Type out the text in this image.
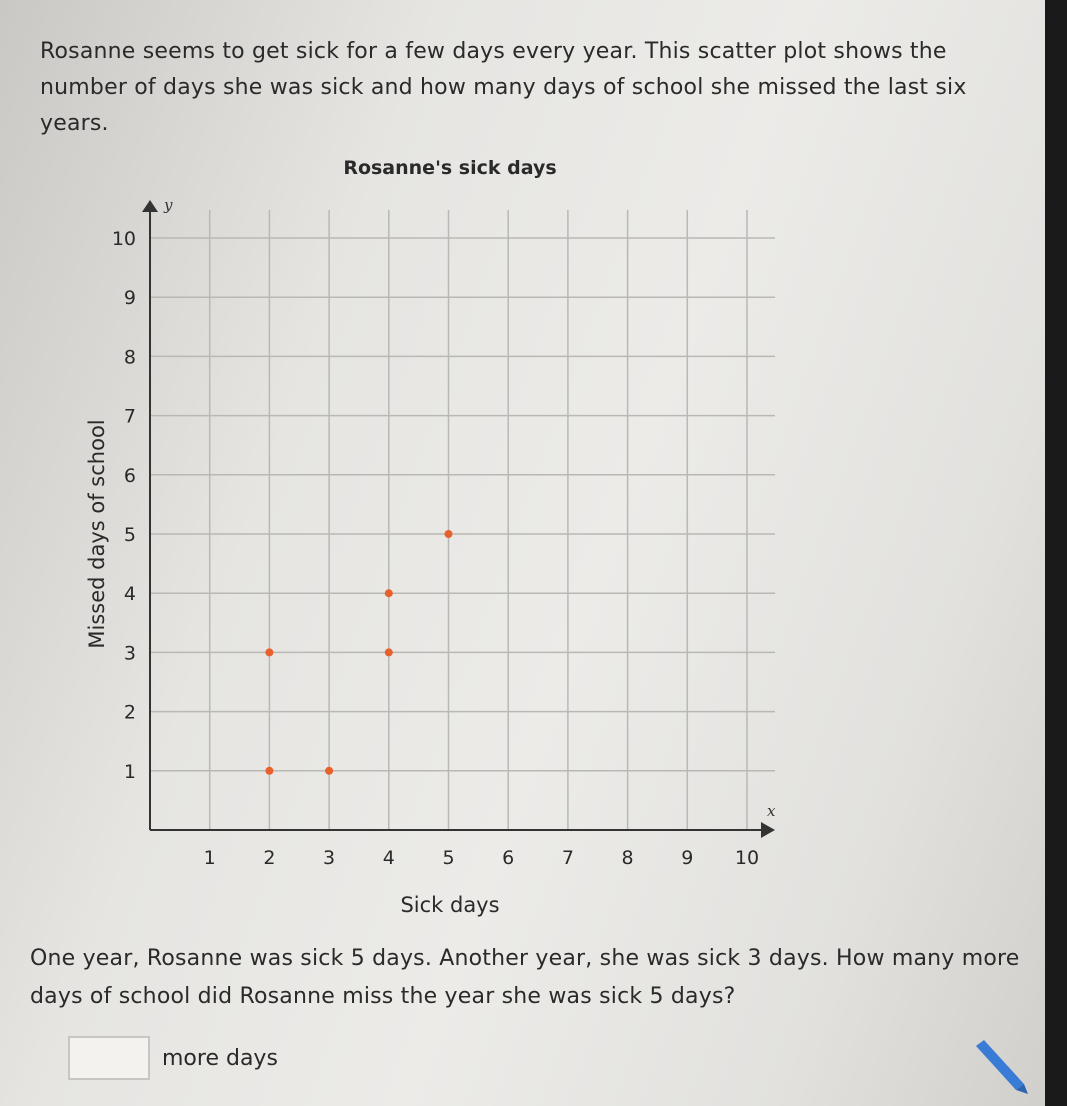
Rosanne seems to get sick for a few days every year. This scatter plot shows the number of days she was sick and how many days of school she missed the last six years.
y
x
Rosanne's sick days
1
2
3
4
5
6
7
8
9
10
1	2	3	4	5	6	7	8	9 10
Sick days
Missed days of school
One year, Rosanne was sick 5 days. Another year, she was sick 3 days. How many more days of school did Rosanne miss the year she was sick 5 days?
more days
